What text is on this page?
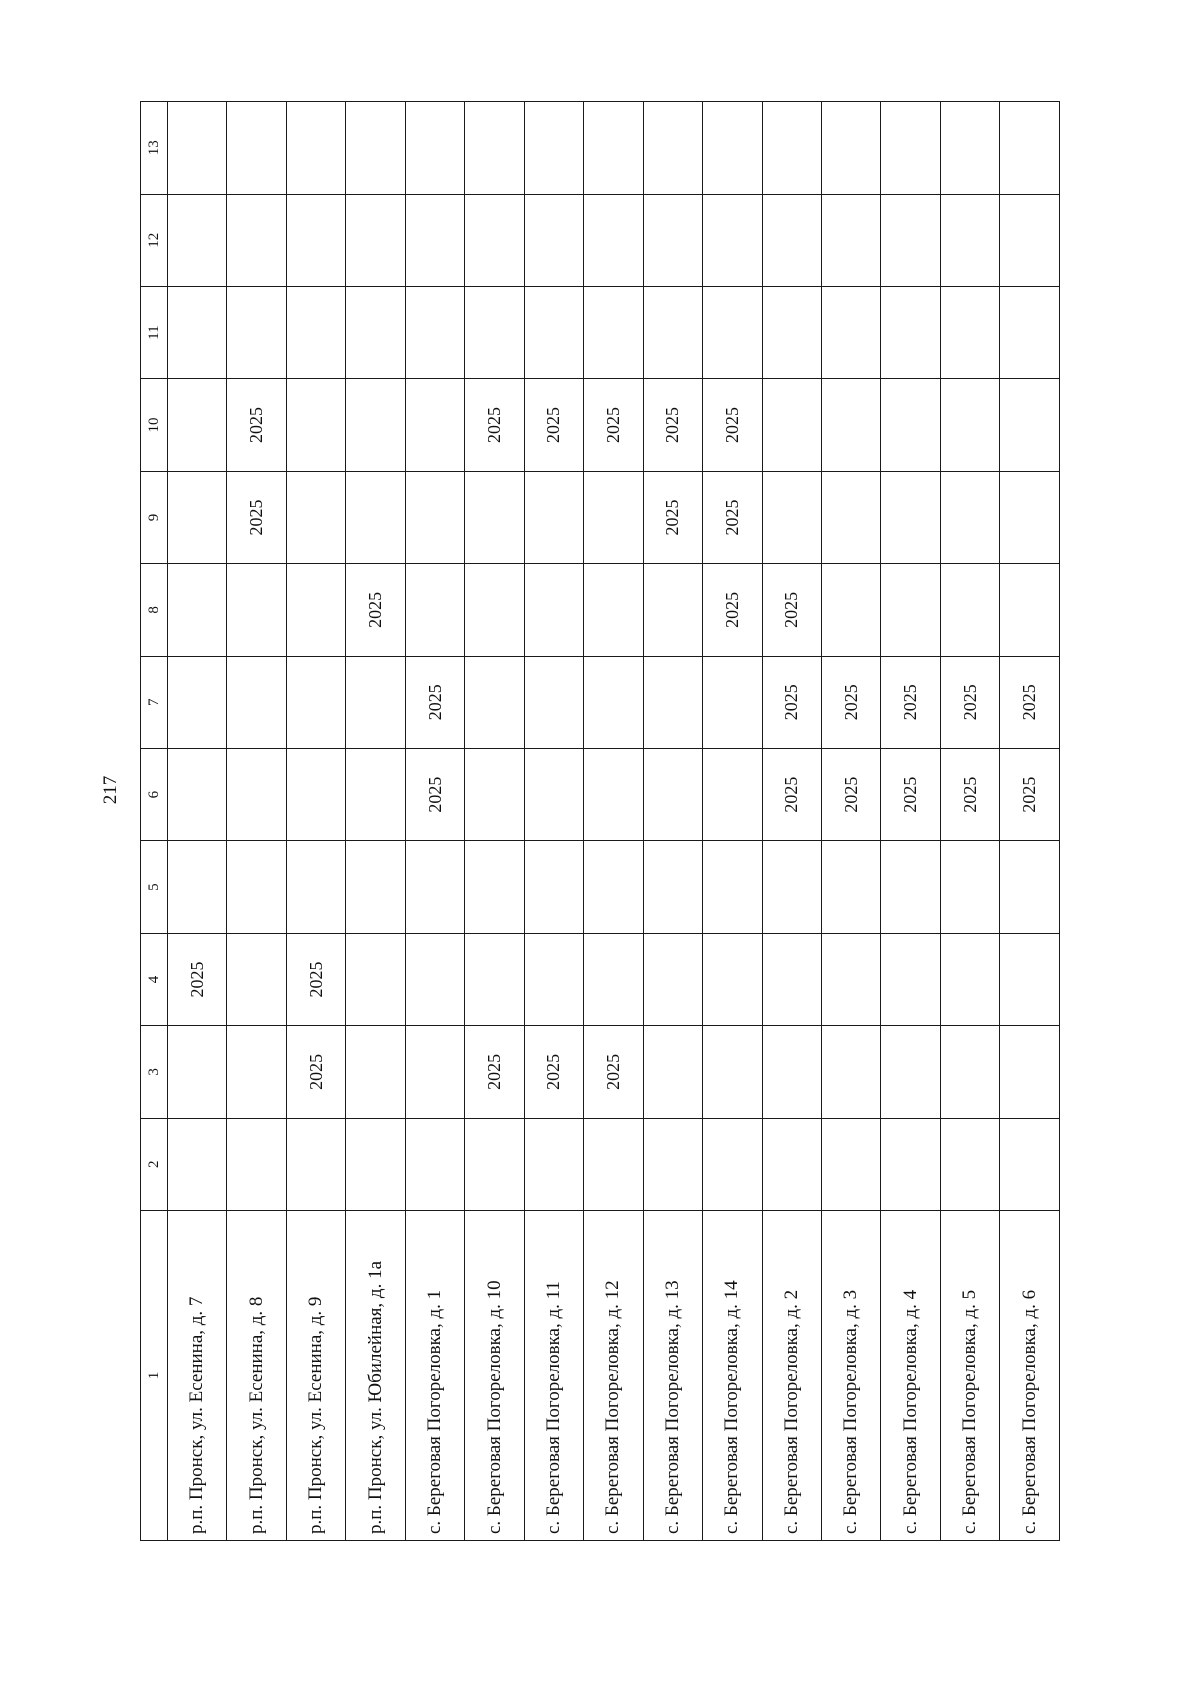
217
1	2	3	4	5	6	7	8	9	10	11	12	13
р.п. Пронск, ул. Есенина, д. 7			2025									
р.п. Пронск, ул. Есенина, д. 8								2025	2025			
р.п. Пронск, ул. Есенина, д. 9		2025	2025									
р.п. Пронск, ул. Юбилейная, д. 1а							2025					
с. Береговая Погореловка, д. 1					2025	2025						
с. Береговая Погореловка, д. 10		2025							2025			
с. Береговая Погореловка, д. 11		2025							2025			
с. Береговая Погореловка, д. 12		2025							2025			
с. Береговая Погореловка, д. 13								2025	2025			
с. Береговая Погореловка, д. 14							2025	2025	2025			
с. Береговая Погореловка, д. 2					2025	2025	2025					
с. Береговая Погореловка, д. 3					2025	2025						
с. Береговая Погореловка, д. 4					2025	2025						
с. Береговая Погореловка, д. 5					2025	2025						
с. Береговая Погореловка, д. 6					2025	2025						
